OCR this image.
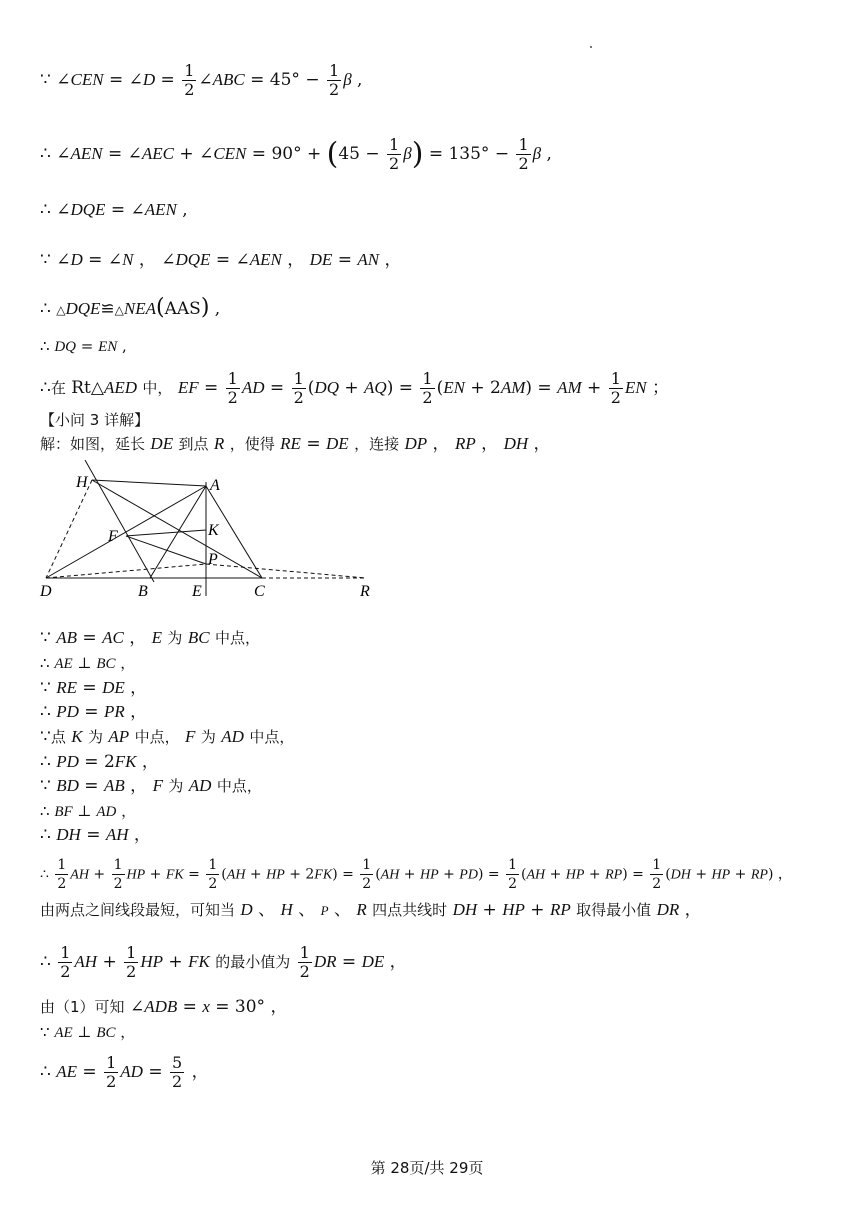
∵ ∠CEN = ∠D = $\frac{1}{2}$ ∠ABC = $45^\circ - \frac{1}{2}$ β ,
∴ ∠AEN = ∠AEC + ∠CEN = $90^\circ + (45 - \frac{1}{2} \beta) = 135^\circ - \frac{1}{2}$ β ,
∴ ∠DQE = ∠AEN ,
∵ ∠D = ∠N ， ∠DQE = ∠AEN ， DE = AN ，
∴ △DQE≌△NEA(AAS) ,
∴ DQ = EN ,
∴在 Rt△AED 中， EF = $\frac{1}{2}$ AD = $\frac{1}{2} (DQ + AQ) = \frac{1}{2} (EN + 2AM)$ = AM + $\frac{1}{2}$ EN ；
【小问 3 详解】
解：如图，延长 DE 到点 R ，使得 RE = DE ，连接 DP ， RP ， DH ，
H	A
F	K
P
D	B	E	C	R
∵ AB = AC ， E 为 BC 中点，
∴ AE ⊥ BC ，
∵ RE = DE ，
∴ PD = PR ，
∵点 K 为 AP 中点， F 为 AD 中点，
∴ PD = 2FK ，
∵ BD = AB ， F 为 AD 中点，
∴ BF ⊥ AD ，
∴ DH = AH ，
∴ $\frac{1}{2}$ AH + $\frac{1}{2}$ HP + FK = $\frac{1}{2} (AH$ + HP + $2FK) = \frac{1}{2} (AH$ + HP + $PD) = \frac{1}{2} (AH$ + HP + $RP) = \frac{1}{2} (DH$ + HP + RP) ，
由两点之间线段最短，可知当 D 、 H 、 P 、 R 四点共线时 DH + HP + RP 取得最小值 DR ，
∴ $\frac{1}{2}$ AH + $\frac{1}{2}$ HP + FK 的最小值为 $\frac{1}{2}$ DR = DE ，
由（1）可知 ∠ADB = x = 30° ，
∵ AE ⊥ BC ，
∴ AE = $\frac{1}{2}$ AD = $\frac{5}{2}$ ，
第 28页/共 29页
